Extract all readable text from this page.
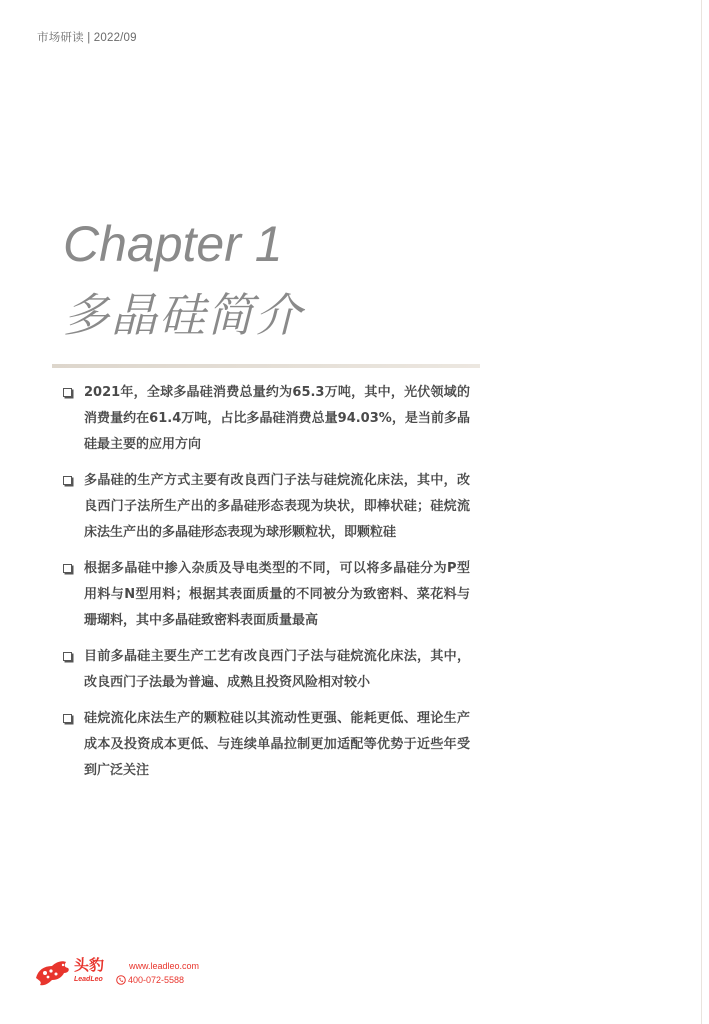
市场研读 | 2022/09
Chapter 1
多晶硅简介
2021年，全球多晶硅消费总量约为65.3万吨，其中，光伏领域的消费量约在61.4万吨，占比多晶硅消费总量94.03%，是当前多晶硅最主要的应用方向
多晶硅的生产方式主要有改良西门子法与硅烷流化床法，其中，改良西门子法所生产出的多晶硅形态表现为块状，即棒状硅；硅烷流床法生产出的多晶硅形态表现为球形颗粒状，即颗粒硅
根据多晶硅中掺入杂质及导电类型的不同，可以将多晶硅分为P型用料与N型用料；根据其表面质量的不同被分为致密料、菜花料与珊瑚料，其中多晶硅致密料表面质量最高
目前多晶硅主要生产工艺有改良西门子法与硅烷流化床法，其中，改良西门子法最为普遍、成熟且投资风险相对较小
硅烷流化床法生产的颗粒硅以其流动性更强、能耗更低、理论生产成本及投资成本更低、与连续单晶拉制更加适配等优势于近些年受到广泛关注
头豹
LeadLeo
www.leadleo.com
400-072-5588
